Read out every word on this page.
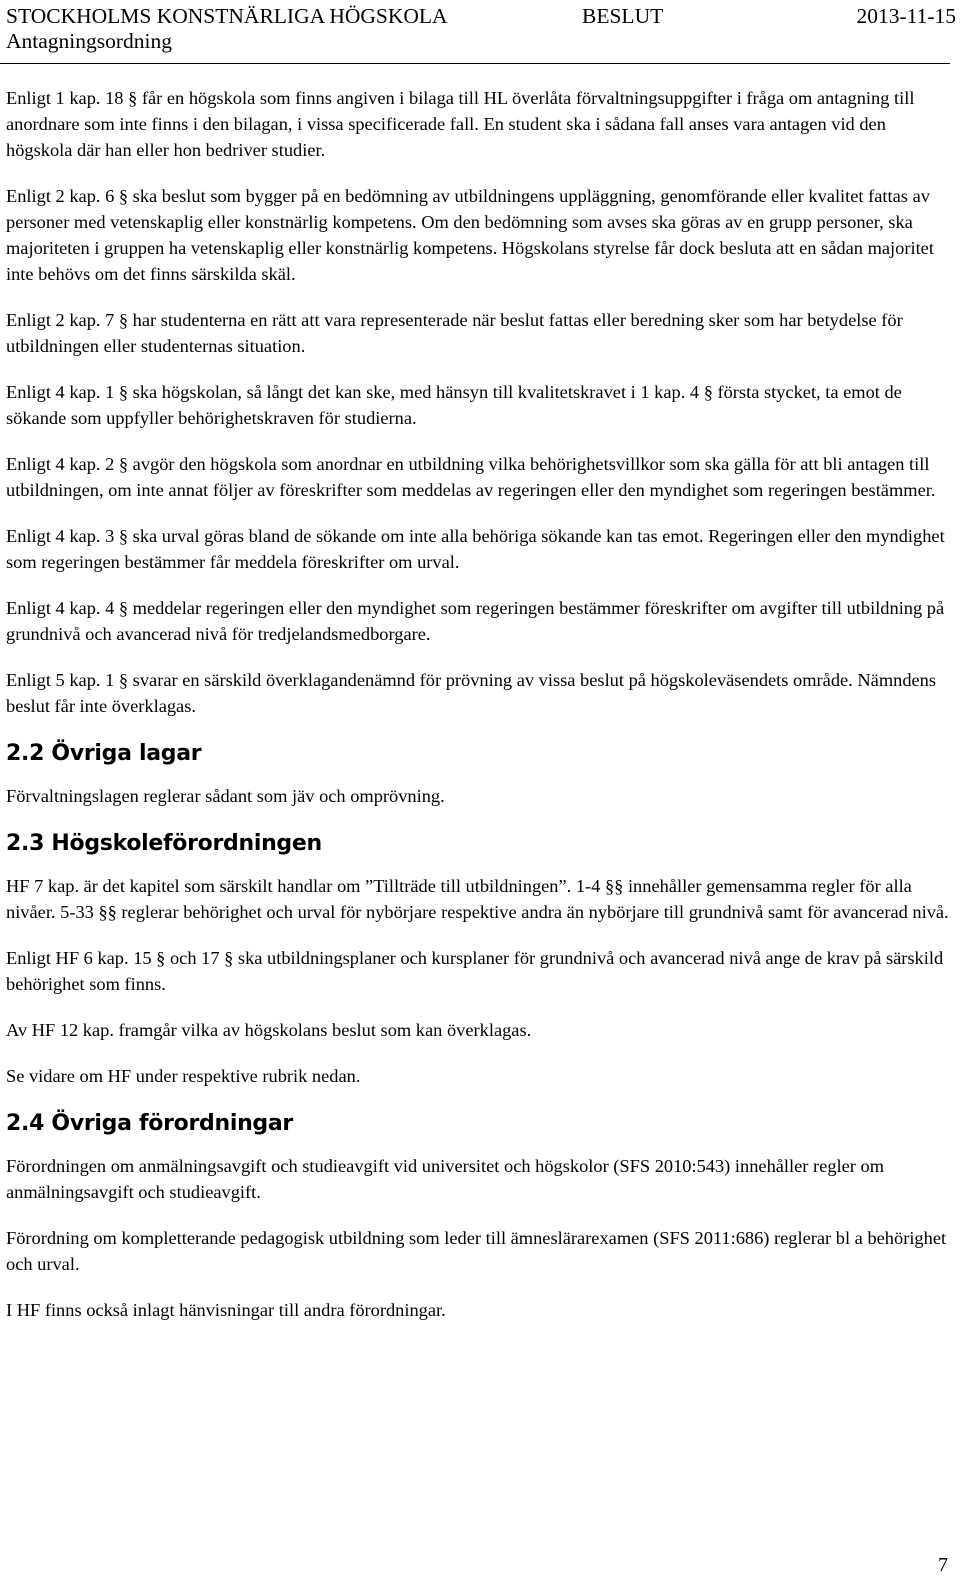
STOCKHOLMS KONSTNÄRLIGA HÖGSKOLA	BESLUT	2013-11-15
Antagningsordning

Enligt 1 kap. 18 § får en högskola som finns angiven i bilaga till HL överlåta förvaltningsuppgifter i fråga om antagning till anordnare som inte finns i den bilagan, i vissa specificerade fall. En student ska i sådana fall anses vara antagen vid den högskola där han eller hon bedriver studier.

Enligt 2 kap. 6 § ska beslut som bygger på en bedömning av utbildningens uppläggning, genomförande eller kvalitet fattas av personer med vetenskaplig eller konstnärlig kompetens. Om den bedömning som avses ska göras av en grupp personer, ska majoriteten i gruppen ha vetenskaplig eller konstnärlig kompetens. Högskolans styrelse får dock besluta att en sådan majoritet inte behövs om det finns särskilda skäl.

Enligt 2 kap. 7 § har studenterna en rätt att vara representerade när beslut fattas eller beredning sker som har betydelse för utbildningen eller studenternas situation.

Enligt 4 kap. 1 § ska högskolan, så långt det kan ske, med hänsyn till kvalitetskravet i 1 kap. 4 § första stycket, ta emot de sökande som uppfyller behörighetskraven för studierna.

Enligt 4 kap. 2 § avgör den högskola som anordnar en utbildning vilka behörighetsvillkor som ska gälla för att bli antagen till utbildningen, om inte annat följer av föreskrifter som meddelas av regeringen eller den myndighet som regeringen bestämmer.

Enligt 4 kap. 3 § ska urval göras bland de sökande om inte alla behöriga sökande kan tas emot. Regeringen eller den myndighet som regeringen bestämmer får meddela föreskrifter om urval.

Enligt 4 kap. 4 § meddelar regeringen eller den myndighet som regeringen bestämmer föreskrifter om avgifter till utbildning på grundnivå och avancerad nivå för tredjelandsmedborgare.

Enligt 5 kap. 1 § svarar en särskild överklagandenämnd för prövning av vissa beslut på högskoleväsendets område. Nämndens beslut får inte överklagas.

2.2 Övriga lagar

Förvaltningslagen reglerar sådant som jäv och omprövning.

2.3 Högskoleförordningen

HF 7 kap. är det kapitel som särskilt handlar om ”Tillträde till utbildningen”. 1-4 §§ innehåller gemensamma regler för alla nivåer. 5-33 §§ reglerar behörighet och urval för nybörjare respektive andra än nybörjare till grundnivå samt för avancerad nivå.

Enligt HF 6 kap. 15 § och 17 § ska utbildningsplaner och kursplaner för grundnivå och avancerad nivå ange de krav på särskild behörighet som finns.

Av HF 12 kap. framgår vilka av högskolans beslut som kan överklagas.

Se vidare om HF under respektive rubrik nedan.

2.4 Övriga förordningar

Förordningen om anmälningsavgift och studieavgift vid universitet och högskolor (SFS 2010:543) innehåller regler om anmälningsavgift och studieavgift.

Förordning om kompletterande pedagogisk utbildning som leder till ämneslärarexamen (SFS 2011:686) reglerar bl a behörighet och urval.

I HF finns också inlagt hänvisningar till andra förordningar.

7
